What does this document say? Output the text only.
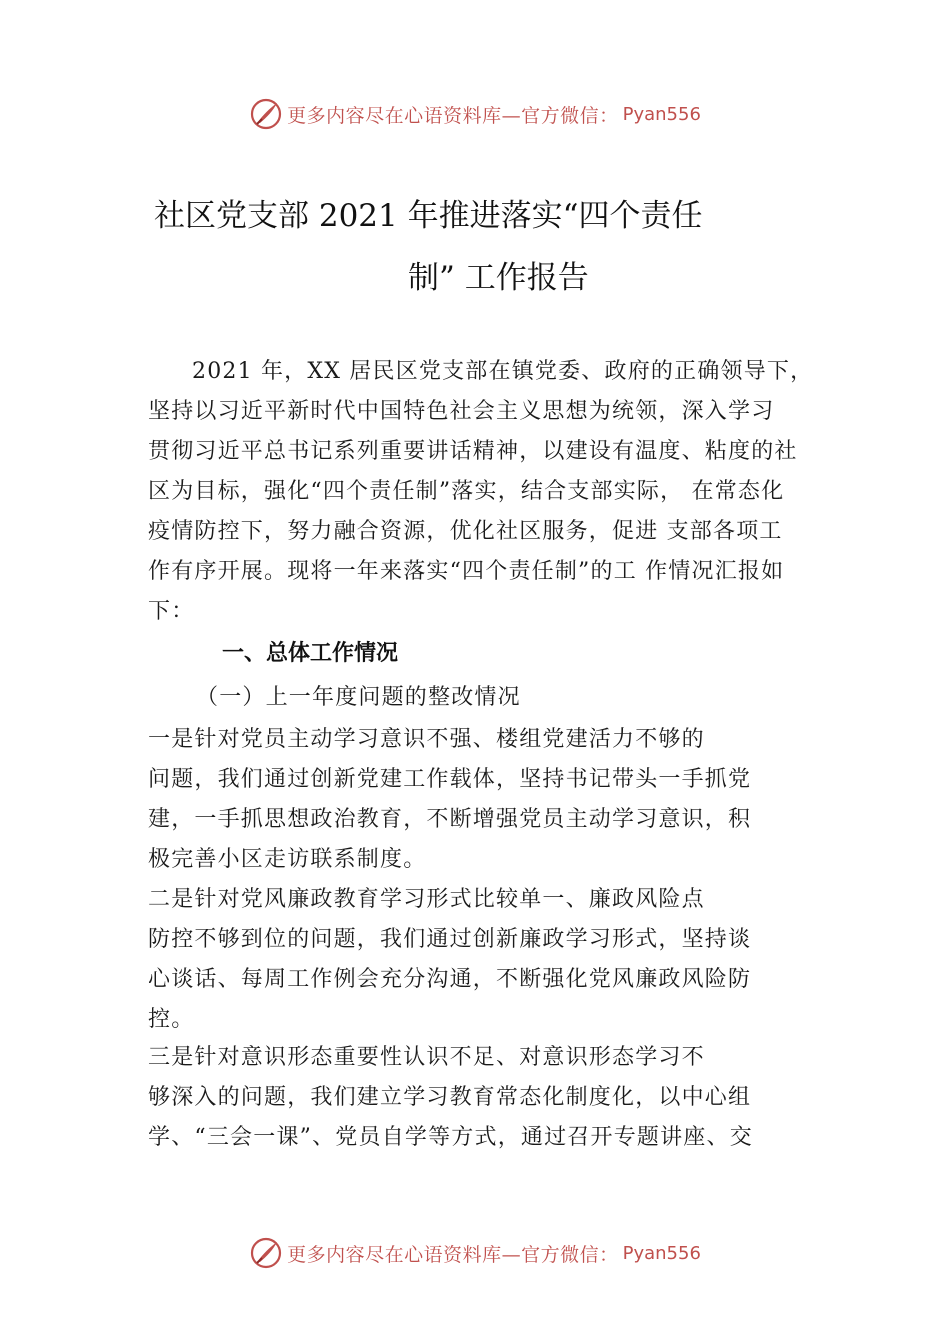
更多内容尽在心语资料库—官方微信： Pyan556
社区党支部 2021 年推进落实“四个责任
制” 工作报告
2021 年，XX 居民区党支部在镇党委、政府的正确领导下，
坚持以习近平新时代中国特色社会主义思想为统领，深入学习
贯彻习近平总书记系列重要讲话精神，以建设有温度、粘度的社
区为目标，强化“四个责任制”落实，结合支部实际， 在常态化
疫情防控下，努力融合资源，优化社区服务，促进 支部各项工
作有序开展。现将一年来落实“四个责任制”的工 作情况汇报如
下：
一、总体工作情况
（一）上一年度问题的整改情况
一是针对党员主动学习意识不强、楼组党建活力不够的
问题，我们通过创新党建工作载体，坚持书记带头一手抓党
建，一手抓思想政治教育，不断增强党员主动学习意识，积
极完善小区走访联系制度。
二是针对党风廉政教育学习形式比较单一、廉政风险点
防控不够到位的问题，我们通过创新廉政学习形式，坚持谈
心谈话、每周工作例会充分沟通，不断强化党风廉政风险防
控。
三是针对意识形态重要性认识不足、对意识形态学习不
够深入的问题，我们建立学习教育常态化制度化，以中心组
学、“三会一课”、党员自学等方式，通过召开专题讲座、交
更多内容尽在心语资料库—官方微信： Pyan556
